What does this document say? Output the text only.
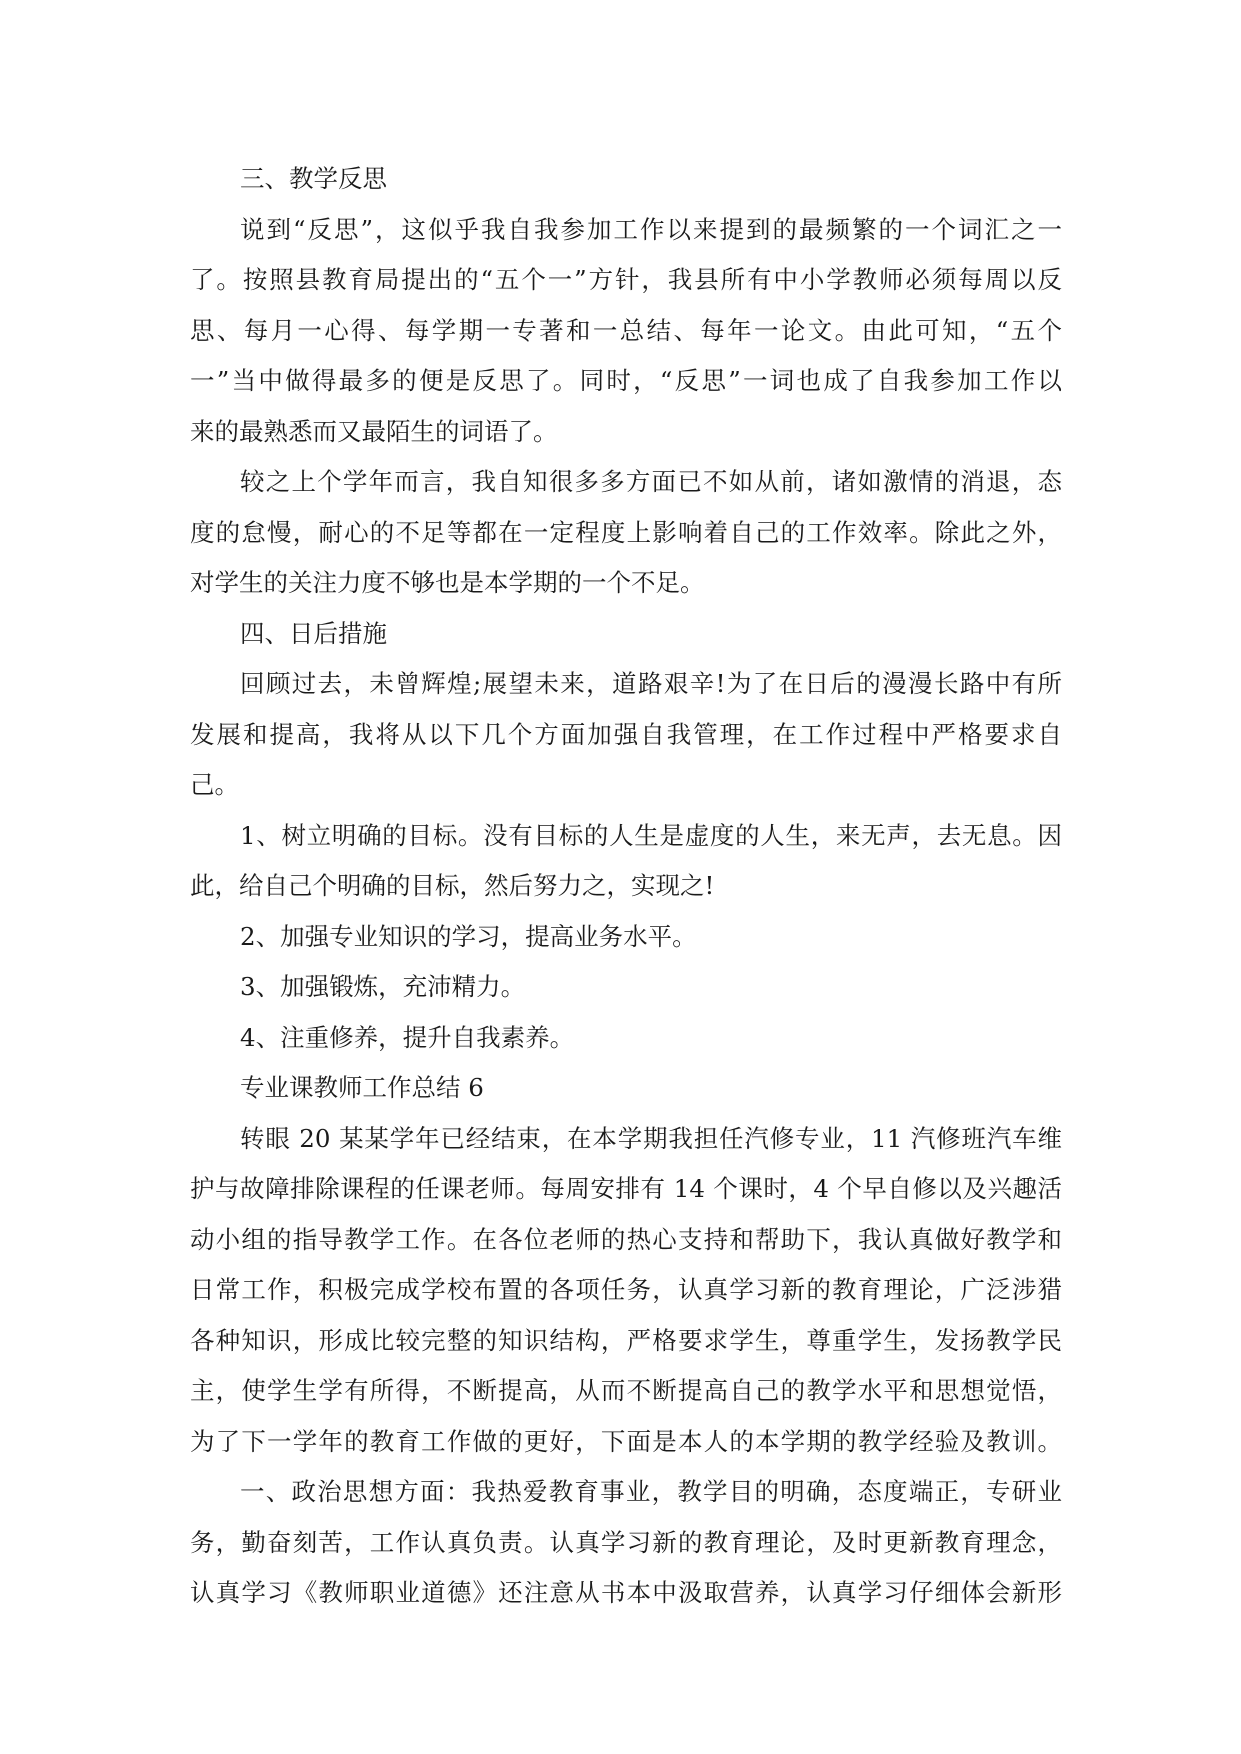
三、教学反思
说到“反思”，这似乎我自我参加工作以来提到的最频繁的一个词汇之一
了。按照县教育局提出的“五个一”方针，我县所有中小学教师必须每周以反
思、每月一心得、每学期一专著和一总结、每年一论文。由此可知，“五个
一”当中做得最多的便是反思了。同时，“反思”一词也成了自我参加工作以
来的最熟悉而又最陌生的词语了。
较之上个学年而言，我自知很多多方面已不如从前，诸如激情的消退，态
度的怠慢，耐心的不足等都在一定程度上影响着自己的工作效率。除此之外，
对学生的关注力度不够也是本学期的一个不足。
四、日后措施
回顾过去，未曾辉煌;展望未来，道路艰辛!为了在日后的漫漫长路中有所
发展和提高，我将从以下几个方面加强自我管理，在工作过程中严格要求自
己。
1、树立明确的目标。没有目标的人生是虚度的人生，来无声，去无息。因
此，给自己个明确的目标，然后努力之，实现之!
2、加强专业知识的学习，提高业务水平。
3、加强锻炼，充沛精力。
4、注重修养，提升自我素养。
专业课教师工作总结 6
转眼 20 某某学年已经结束，在本学期我担任汽修专业，11 汽修班汽车维
护与故障排除课程的任课老师。每周安排有 14 个课时，4 个早自修以及兴趣活
动小组的指导教学工作。在各位老师的热心支持和帮助下，我认真做好教学和
日常工作，积极完成学校布置的各项任务，认真学习新的教育理论，广泛涉猎
各种知识，形成比较完整的知识结构，严格要求学生，尊重学生，发扬教学民
主，使学生学有所得，不断提高，从而不断提高自己的教学水平和思想觉悟，
为了下一学年的教育工作做的更好，下面是本人的本学期的教学经验及教训。
一、政治思想方面：我热爱教育事业，教学目的明确，态度端正，专研业
务，勤奋刻苦，工作认真负责。认真学习新的教育理论，及时更新教育理念，
认真学习《教师职业道德》还注意从书本中汲取营养，认真学习仔细体会新形
